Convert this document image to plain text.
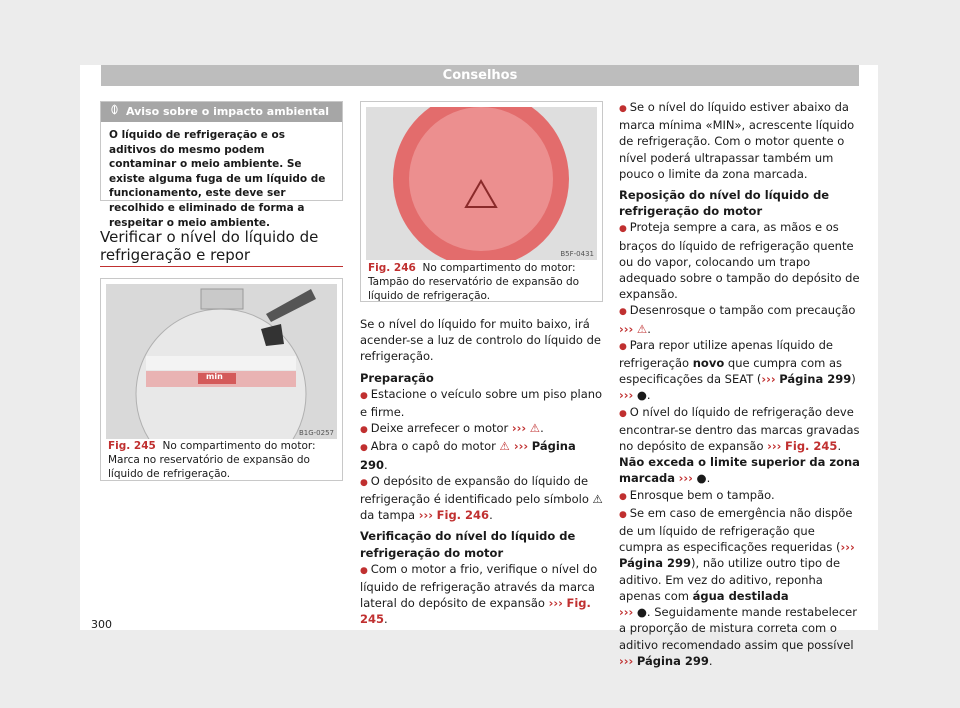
Conselhos
Aviso sobre o impacto ambiental
O líquido de refrigeração e os aditivos do mesmo podem contaminar o meio ambiente. Se existe alguma fuga de um líquido de funcionamento, este deve ser recolhido e eliminado de forma a respeitar o meio ambiente.
Verificar o nível do líquido de refrigeração e repor
min
B1G-0257
Fig. 245 No compartimento do motor: Marca no reservatório de expansão do líquido de refrigeração.
B5F-0431
Fig. 246 No compartimento do motor: Tampão do reservatório de expansão do líquido de refrigeração.

Se o nível do líquido for muito baixo, irá acender-se a luz de controlo do líquido de refrigeração.

Preparação

● Estacione o veículo sobre um piso plano e firme.

● Deixe arrefecer o motor ››› ⚠.

● Abra o capô do motor ⚠ ››› Página 290.

● O depósito de expansão do líquido de refrigeração é identificado pelo símbolo ⚠ da tampa ››› Fig. 246.

Verificação do nível do líquido de refrigeração do motor

● Com o motor a frio, verifique o nível do líquido de refrigeração através da marca lateral do depósito de expansão ››› Fig. 245.

● Se o nível do líquido estiver abaixo da marca mínima «MIN», acrescente líquido de refrigeração. Com o motor quente o nível poderá ultrapassar também um pouco o limite da zona marcada.

Reposição do nível do líquido de refrigeração do motor

● Proteja sempre a cara, as mãos e os braços do líquido de refrigeração quente ou do vapor, colocando um trapo adequado sobre o tampão do depósito de expansão.

● Desenrosque o tampão com precaução
››› ⚠.

● Para repor utilize apenas líquido de refrigeração novo que cumpra com as especificações da SEAT (››› Página 299) ››› ●.

● O nível do líquido de refrigeração deve encontrar-se dentro das marcas gravadas no depósito de expansão ››› Fig. 245. Não exceda o limite superior da zona marcada ››› ●.

● Enrosque bem o tampão.

● Se em caso de emergência não dispõe de um líquido de refrigeração que cumpra as especificações requeridas (››› Página 299), não utilize outro tipo de aditivo. Em vez do aditivo, reponha apenas com água destilada
››› ●. Seguidamente mande restabelecer a proporção de mistura correta com o aditivo recomendado assim que possível ››› Página 299.

300
